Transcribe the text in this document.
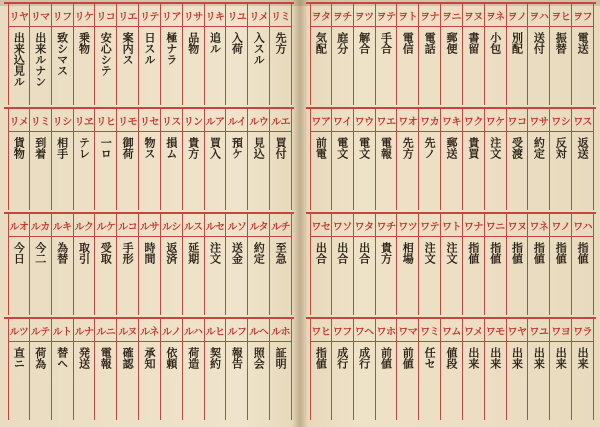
リヤ
出来込見ル
リマ
出来ルナン
リフ
致シマス
リケ
乗物
リコ
安心シテ
リエ
案内ス
リテ
日スル
リア
極ナラ
リサ
品物
リキ
追ル
リユ
入荷
リメ
入スル
リミ
先方
リメ
貨物
リミ
到着
リシ
相手
リヱ
テレ
リヒ
一ロ
リモ
御荷
リセ
物ス
リス
損ム
リン
貴方
ルア
買入
ルイ
預ケ
ルウ
見込
ルエ
買付
ルオ
今日
ルカ
今二
ルキ
為替
ルク
取引
ルケ
受取
ルコ
手形
ルサ
時間
ルシ
返済
ルス
延期
ルセ
注文
ルソ
送金
ルタ
約定
ルチ
至急
ルツ
直ニ
ルテ
荷為
ルト
替ヘ
ルナ
発送
ルニ
電報
ルヌ
確認
ルネ
承知
ルノ
依頼
ルハ
荷造
ルヒ
契約
ルフ
報告
ルヘ
照会
ルホ
証明
ヲタ
気配
ヲチ
庭分
ヲツ
解合
ヲテ
手合
ヲト
電信
ヲナ
電話
ヲニ
郵便
ヲヌ
書留
ヲネ
小包
ヲノ
別配
ヲハ
送付
ヲヒ
振替
ヲフ
電送
ワア
前電
ワイ
電文
ワウ
電文
ワエ
電報
ワオ
先方
ワカ
先ノ
ワキ
郵送
ワク
貴買
ワケ
注文
ワコ
受渡
ワサ
約定
ワシ
反対
ワス
返送
ワセ
出合
ワソ
出合
ワタ
出合
ワチ
貴方
ワツ
相場
ワテ
注文
ワト
注文
ワナ
指値
ワニ
指値
ワヌ
指値
ワネ
指値
ワノ
指値
ワハ
指値
ワヒ
指値
ワフ
成行
ワヘ
成行
ワホ
前値
ワマ
前値
ワミ
任セ
ワム
値段
ワメ
出来
ワモ
出来
ワヤ
出来
ワユ
出来
ワヨ
出来
ワラ
出来
